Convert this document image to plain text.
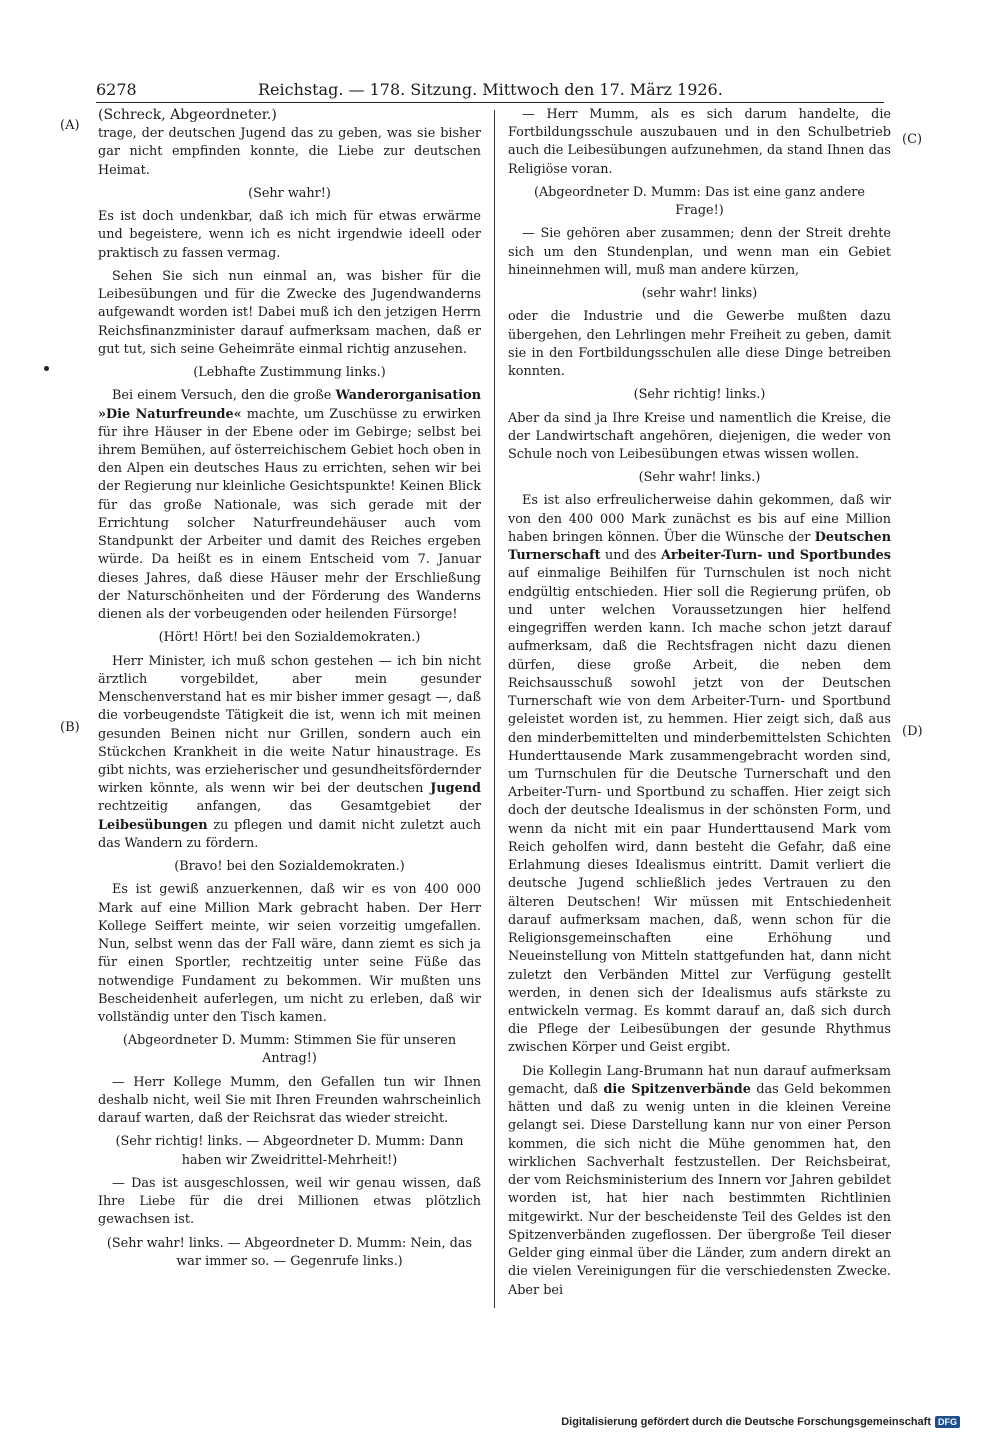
6278	Reichstag. — 178. Sitzung. Mittwoch den 17. März 1926.
(A)
(B)
(C)
(D)

(Schreck, Abgeordneter.)

trage, der deutschen Jugend das zu geben, was sie bisher gar nicht empfinden konnte, die Liebe zur deutschen Heimat.

(Sehr wahr!)

Es ist doch undenkbar, daß ich mich für etwas erwärme und begeistere, wenn ich es nicht irgendwie ideell oder praktisch zu fassen vermag.

Sehen Sie sich nun einmal an, was bisher für die Leibesübungen und für die Zwecke des Jugendwanderns aufgewandt worden ist! Dabei muß ich den jetzigen Herrn Reichsfinanzminister darauf aufmerksam machen, daß er gut tut, sich seine Geheimräte einmal richtig anzusehen.

(Lebhafte Zustimmung links.)

Bei einem Versuch, den die große Wanderorganisation »Die Naturfreunde« machte, um Zuschüsse zu erwirken für ihre Häuser in der Ebene oder im Gebirge; selbst bei ihrem Bemühen, auf österreichischem Gebiet hoch oben in den Alpen ein deutsches Haus zu errichten, sehen wir bei der Regierung nur kleinliche Gesichtspunkte! Keinen Blick für das große Nationale, was sich gerade mit der Errichtung solcher Naturfreundehäuser auch vom Standpunkt der Arbeiter und damit des Reiches ergeben würde. Da heißt es in einem Entscheid vom 7. Januar dieses Jahres, daß diese Häuser mehr der Erschließung der Naturschönheiten und der Förderung des Wanderns dienen als der vorbeugenden oder heilenden Fürsorge!

(Hört! Hört! bei den Sozialdemokraten.)

Herr Minister, ich muß schon gestehen — ich bin nicht ärztlich vorgebildet, aber mein gesunder Menschenverstand hat es mir bisher immer gesagt —, daß die vorbeugendste Tätigkeit die ist, wenn ich mit meinen gesunden Beinen nicht nur Grillen, sondern auch ein Stückchen Krankheit in die weite Natur hinaustrage. Es gibt nichts, was erzieherischer und gesundheitsfördernder wirken könnte, als wenn wir bei der deutschen Jugend rechtzeitig anfangen, das Gesamtgebiet der Leibesübungen zu pflegen und damit nicht zuletzt auch das Wandern zu fördern.

(Bravo! bei den Sozialdemokraten.)

Es ist gewiß anzuerkennen, daß wir es von 400 000 Mark auf eine Million Mark gebracht haben. Der Herr Kollege Seiffert meinte, wir seien vorzeitig umgefallen. Nun, selbst wenn das der Fall wäre, dann ziemt es sich ja für einen Sportler, rechtzeitig unter seine Füße das notwendige Fundament zu bekommen. Wir mußten uns Bescheidenheit auferlegen, um nicht zu erleben, daß wir vollständig unter den Tisch kamen.

(Abgeordneter D. Mumm: Stimmen Sie für unseren Antrag!)

— Herr Kollege Mumm, den Gefallen tun wir Ihnen deshalb nicht, weil Sie mit Ihren Freunden wahrscheinlich darauf warten, daß der Reichsrat das wieder streicht.

(Sehr richtig! links. — Abgeordneter D. Mumm: Dann haben wir Zweidrittel-Mehrheit!)

— Das ist ausgeschlossen, weil wir genau wissen, daß Ihre Liebe für die drei Millionen etwas plötzlich gewachsen ist.

(Sehr wahr! links. — Abgeordneter D. Mumm: Nein, das war immer so. — Gegenrufe links.)

— Herr Mumm, als es sich darum handelte, die Fortbildungsschule auszubauen und in den Schulbetrieb auch die Leibesübungen aufzunehmen, da stand Ihnen das Religiöse voran.

(Abgeordneter D. Mumm: Das ist eine ganz andere Frage!)

— Sie gehören aber zusammen; denn der Streit drehte sich um den Stundenplan, und wenn man ein Gebiet hineinnehmen will, muß man andere kürzen,

(sehr wahr! links)

oder die Industrie und die Gewerbe mußten dazu übergehen, den Lehrlingen mehr Freiheit zu geben, damit sie in den Fortbildungsschulen alle diese Dinge betreiben konnten.

(Sehr richtig! links.)

Aber da sind ja Ihre Kreise und namentlich die Kreise, die der Landwirtschaft angehören, diejenigen, die weder von Schule noch von Leibesübungen etwas wissen wollen.

(Sehr wahr! links.)

Es ist also erfreulicherweise dahin gekommen, daß wir von den 400 000 Mark zunächst es bis auf eine Million haben bringen können. Über die Wünsche der Deutschen Turnerschaft und des Arbeiter-Turn- und Sportbundes auf einmalige Beihilfen für Turnschulen ist noch nicht endgültig entschieden. Hier soll die Regierung prüfen, ob und unter welchen Voraussetzungen hier helfend eingegriffen werden kann. Ich mache schon jetzt darauf aufmerksam, daß die Rechtsfragen nicht dazu dienen dürfen, diese große Arbeit, die neben dem Reichsausschuß sowohl jetzt von der Deutschen Turnerschaft wie von dem Arbeiter-Turn- und Sportbund geleistet worden ist, zu hemmen. Hier zeigt sich, daß aus den minderbemittelten und minderbemittelsten Schichten Hunderttausende Mark zusammengebracht worden sind, um Turnschulen für die Deutsche Turnerschaft und den Arbeiter-Turn- und Sportbund zu schaffen. Hier zeigt sich doch der deutsche Idealismus in der schönsten Form, und wenn da nicht mit ein paar Hunderttausend Mark vom Reich geholfen wird, dann besteht die Gefahr, daß eine Erlahmung dieses Idealismus eintritt. Damit verliert die deutsche Jugend schließlich jedes Vertrauen zu den älteren Deutschen! Wir müssen mit Entschiedenheit darauf aufmerksam machen, daß, wenn schon für die Religionsgemeinschaften eine Erhöhung und Neueinstellung von Mitteln stattgefunden hat, dann nicht zuletzt den Verbänden Mittel zur Verfügung gestellt werden, in denen sich der Idealismus aufs stärkste zu entwickeln vermag. Es kommt darauf an, daß sich durch die Pflege der Leibesübungen der gesunde Rhythmus zwischen Körper und Geist ergibt.

Die Kollegin Lang-Brumann hat nun darauf aufmerksam gemacht, daß die Spitzenverbände das Geld bekommen hätten und daß zu wenig unten in die kleinen Vereine gelangt sei. Diese Darstellung kann nur von einer Person kommen, die sich nicht die Mühe genommen hat, den wirklichen Sachverhalt festzustellen. Der Reichsbeirat, der vom Reichsministerium des Innern vor Jahren gebildet worden ist, hat hier nach bestimmten Richtlinien mitgewirkt. Nur der bescheidenste Teil des Geldes ist den Spitzenverbänden zugeflossen. Der übergroße Teil dieser Gelder ging einmal über die Länder, zum andern direkt an die vielen Vereinigungen für die verschiedensten Zwecke. Aber bei

Digitalisierung gefördert durch die Deutsche Forschungsgemeinschaft DFG
